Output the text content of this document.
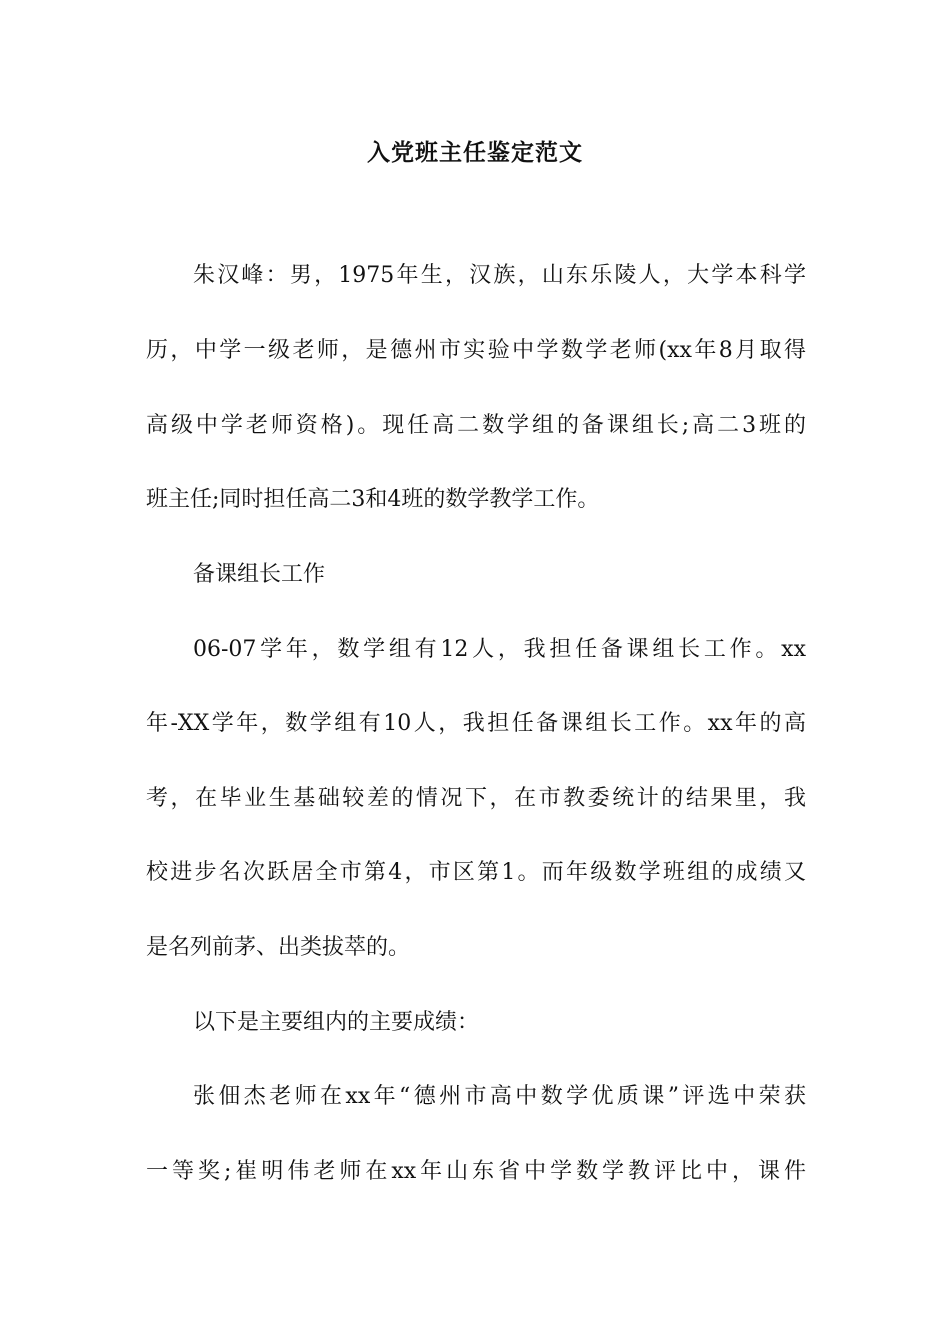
入党班主任鉴定范文
朱汉峰：男，1975年生，汉族，山东乐陵人，大学本科学
历，中学一级老师，是德州市实验中学数学老师(xx年8月取得
高级中学老师资格)。现任高二数学组的备课组长;高二3班的
班主任;同时担任高二3和4班的数学教学工作。
备课组长工作
06-07学年，数学组有12人，我担任备课组长工作。xx
年-XX学年，数学组有10人，我担任备课组长工作。xx年的高
考，在毕业生基础较差的情况下，在市教委统计的结果里，我
校进步名次跃居全市第4，市区第1。而年级数学班组的成绩又
是名列前茅、出类拔萃的。
以下是主要组内的主要成绩：
张佃杰老师在xx年“德州市高中数学优质课”评选中荣获
一等奖;崔明伟老师在xx年山东省中学数学教评比中，课件
